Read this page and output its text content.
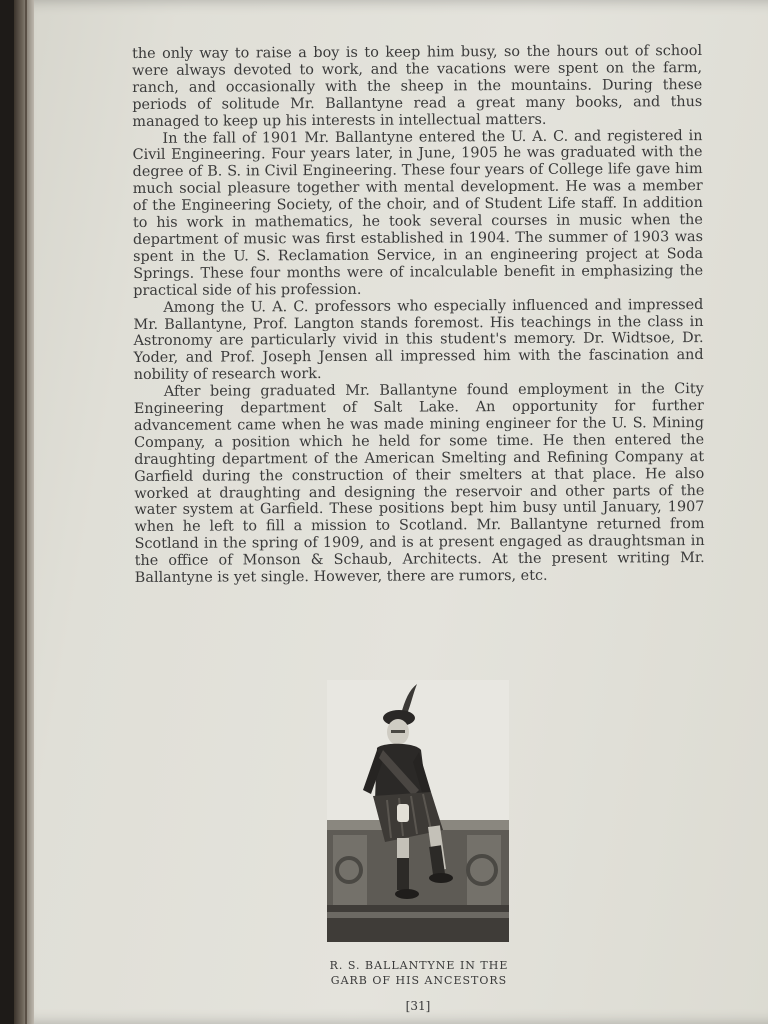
the only way to raise a boy is to keep him busy, so the hours out of school were always devoted to work, and the vacations were spent on the farm, ranch, and occasionally with the sheep in the mountains. During these periods of solitude Mr. Ballantyne read a great many books, and thus managed to keep up his interests in intellectual matters.

In the fall of 1901 Mr. Ballantyne entered the U. A. C. and registered in Civil Engineering. Four years later, in June, 1905 he was graduated with the degree of B. S. in Civil Engineering. These four years of College life gave him much social pleasure together with mental development. He was a member of the Engineering Society, of the choir, and of Student Life staff. In addition to his work in mathematics, he took several courses in music when the department of music was first established in 1904. The summer of 1903 was spent in the U. S. Reclamation Service, in an engineering project at Soda Springs. These four months were of incalculable benefit in emphasizing the practical side of his profession.

Among the U. A. C. professors who especially influenced and impressed Mr. Ballantyne, Prof. Langton stands foremost. His teachings in the class in Astronomy are particularly vivid in this student's memory. Dr. Widtsoe, Dr. Yoder, and Prof. Joseph Jensen all impressed him with the fascination and nobility of research work.

After being graduated Mr. Ballantyne found employment in the City Engineering department of Salt Lake. An opportunity for further advancement came when he was made mining engineer for the U. S. Mining Company, a position which he held for some time. He then entered the draughting department of the American Smelting and Refining Company at Garfield during the construction of their smelters at that place. He also worked at draughting and designing the reservoir and other parts of the water system at Garfield. These positions bept him busy until January, 1907 when he left to fill a mission to Scotland. Mr. Ballantyne returned from Scotland in the spring of 1909, and is at present engaged as draughtsman in the office of Monson & Schaub, Architects. At the present writing Mr. Ballantyne is yet single. However, there are rumors, etc.

R. S. BALLANTYNE IN THE
GARB OF HIS ANCESTORS
[31]
